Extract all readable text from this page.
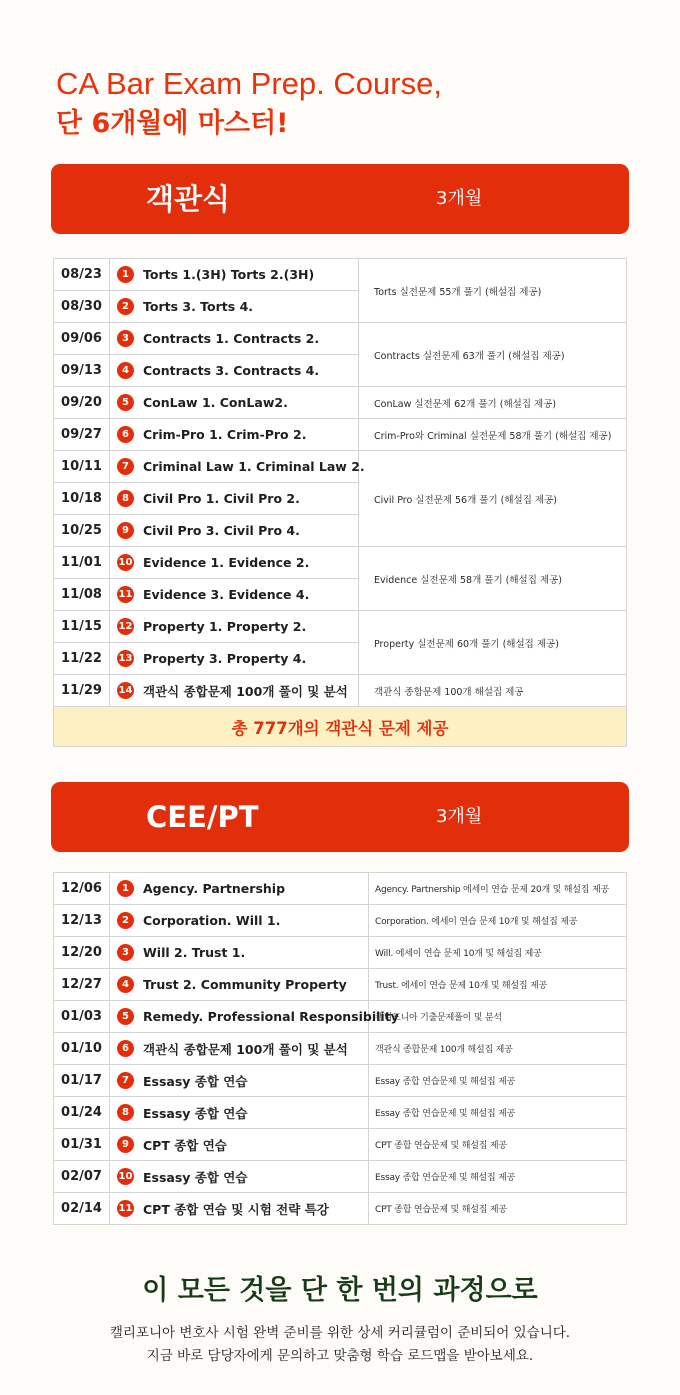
CA Bar Exam Prep. Course,
단 6개월에 마스터!
객관식	3개월
08/23	1 Torts 1.(3H) Torts 2.(3H)	Torts 실전문제 55개 풀기 (해설집 제공)
08/30	2 Torts 3. Torts 4.	
09/06	3 Contracts 1. Contracts 2.	Contracts 실전문제 63개 풀기 (해설집 제공)
09/13	4 Contracts 3. Contracts 4.	
09/20	5 ConLaw 1. ConLaw2.	ConLaw 실전문제 62개 풀기 (해설집 제공)
09/27	6 Crim-Pro 1. Crim-Pro 2.	Crim-Pro와 Criminal 실전문제 58개 풀기 (해설집 제공)
10/11	7 Criminal Law 1. Criminal Law 2.	Civil Pro 실전문제 56개 풀기 (해설집 제공)
10/18	8 Civil Pro 1. Civil Pro 2.	
10/25	9 Civil Pro 3. Civil Pro 4.	
11/01	10 Evidence 1. Evidence 2.	Evidence 실전문제 58개 풀기 (해설집 제공)
11/08	11 Evidence 3. Evidence 4.	
11/15	12 Property 1. Property 2.	Property 실전문제 60개 풀기 (해설집 제공)
11/22	13 Property 3. Property 4.	
11/29	14 객관식 종합문제 100개 풀이 및 분석	객관식 종합문제 100개 해설집 제공
총 777개의 객관식 문제 제공		
CEE/PT	3개월
12/06	1 Agency. Partnership	Agency. Partnership 에세이 연습 문제 20개 및 해설집 제공
12/13	2 Corporation. Will 1.	Corporation. 에세이 연습 문제 10개 및 해설집 제공
12/20	3 Will 2. Trust 1.	Will. 에세이 연습 문제 10개 및 해설집 제공
12/27	4 Trust 2. Community Property	Trust. 에세이 연습 문제 10개 및 해설집 제공
01/03	5 Remedy. Professional Responsibility	캘리포니아 기출문제풀이 및 분석
01/10	6 객관식 종합문제 100개 풀이 및 분석	객관식 종합문제 100개 해설집 제공
01/17	7 Essasy 종합 연습	Essay 종합 연습문제 및 해설집 제공
01/24	8 Essasy 종합 연습	Essay 종합 연습문제 및 해설집 제공
01/31	9 CPT 종합 연습	CPT 종합 연습문제 및 해설집 제공
02/07	10 Essasy 종합 연습	Essay 종합 연습문제 및 해설집 제공
02/14	11 CPT 종합 연습 및 시험 전략 특강	CPT 종합 연습문제 및 해설집 제공
이 모든 것을 단 한 번의 과정으로
캘리포니아 변호사 시험 완벽 준비를 위한 상세 커리큘럼이 준비되어 있습니다.
지금 바로 담당자에게 문의하고 맞춤형 학습 로드맵을 받아보세요.
